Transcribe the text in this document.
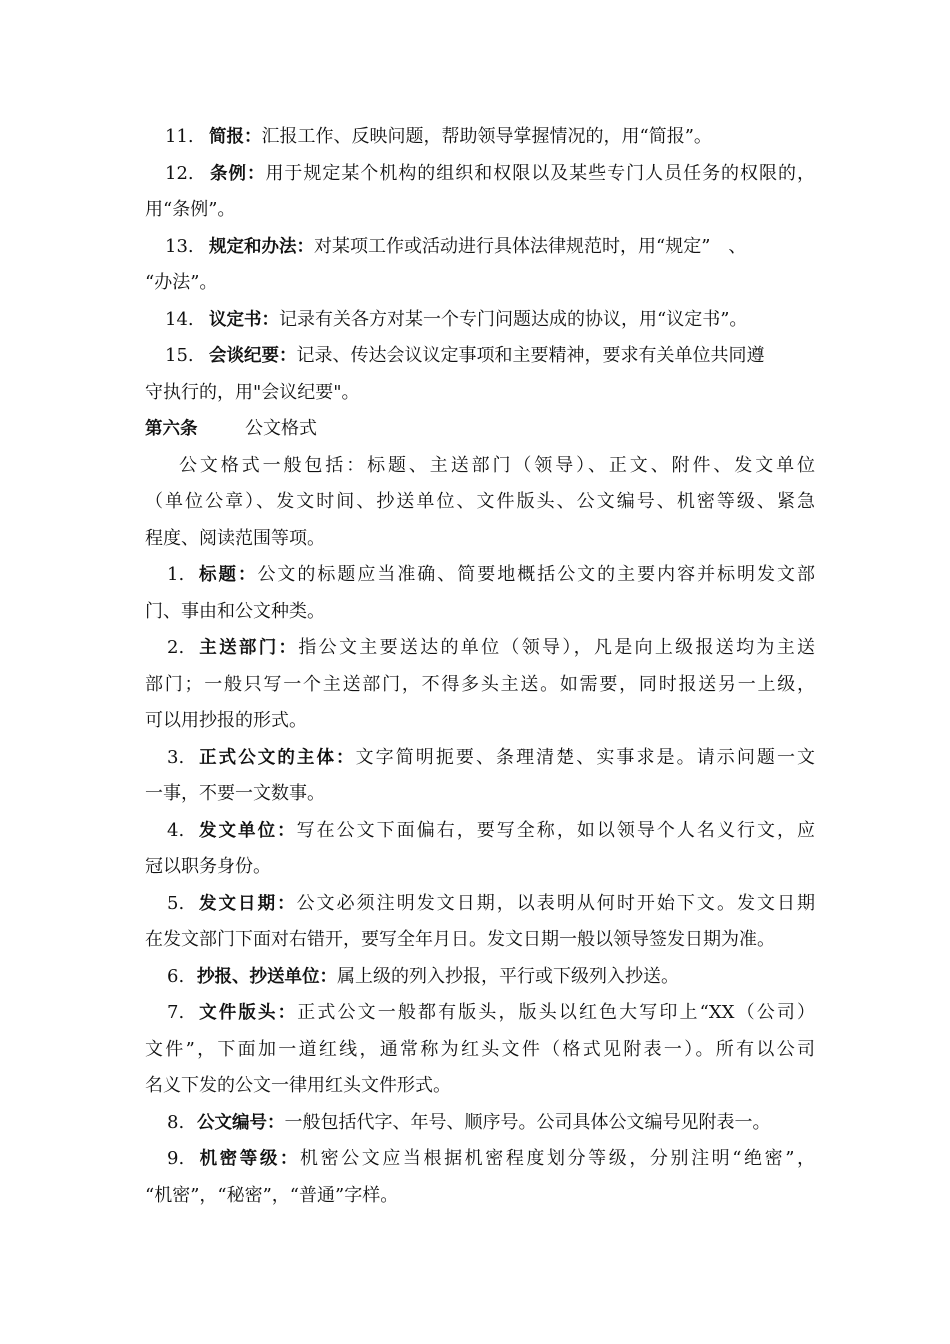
11. 简报：汇报工作、反映问题，帮助领导掌握情况的，用“简报”。
12. 条例：用于规定某个机构的组织和权限以及某些专门人员任务的权限的，
用“条例”。
13. 规定和办法：对某项工作或活动进行具体法律规范时，用“规定”　、
“办法”。
14. 议定书：记录有关各方对某一个专门问题达成的协议，用“议定书”。
15. 会谈纪要：记录、传达会议议定事项和主要精神，要求有关单位共同遵
守执行的，用"会议纪要"。
第六条	公文格式
公文格式一般包括：标题、主送部门（领导）、正文、附件、发文单位
（单位公章）、发文时间、抄送单位、文件版头、公文编号、机密等级、紧急
程度、阅读范围等项。
1. 标题：公文的标题应当准确、简要地概括公文的主要内容并标明发文部
门、事由和公文种类。
2. 主送部门：指公文主要送达的单位（领导），凡是向上级报送均为主送
部门；一般只写一个主送部门，不得多头主送。如需要，同时报送另一上级，
可以用抄报的形式。
3. 正式公文的主体：文字简明扼要、条理清楚、实事求是。请示问题一文
一事，不要一文数事。
4. 发文单位：写在公文下面偏右，要写全称，如以领导个人名义行文，应
冠以职务身份。
5. 发文日期：公文必须注明发文日期，以表明从何时开始下文。发文日期
在发文部门下面对右错开，要写全年月日。发文日期一般以领导签发日期为准。
6. 抄报、抄送单位：属上级的列入抄报，平行或下级列入抄送。
7. 文件版头：正式公文一般都有版头，版头以红色大写印上“XX（公司）
文件”，下面加一道红线，通常称为红头文件（格式见附表一）。所有以公司
名义下发的公文一律用红头文件形式。
8. 公文编号：一般包括代字、年号、顺序号。公司具体公文编号见附表一。
9. 机密等级：机密公文应当根据机密程度划分等级，分别注明“绝密”，
“机密”，“秘密”，“普通”字样。
